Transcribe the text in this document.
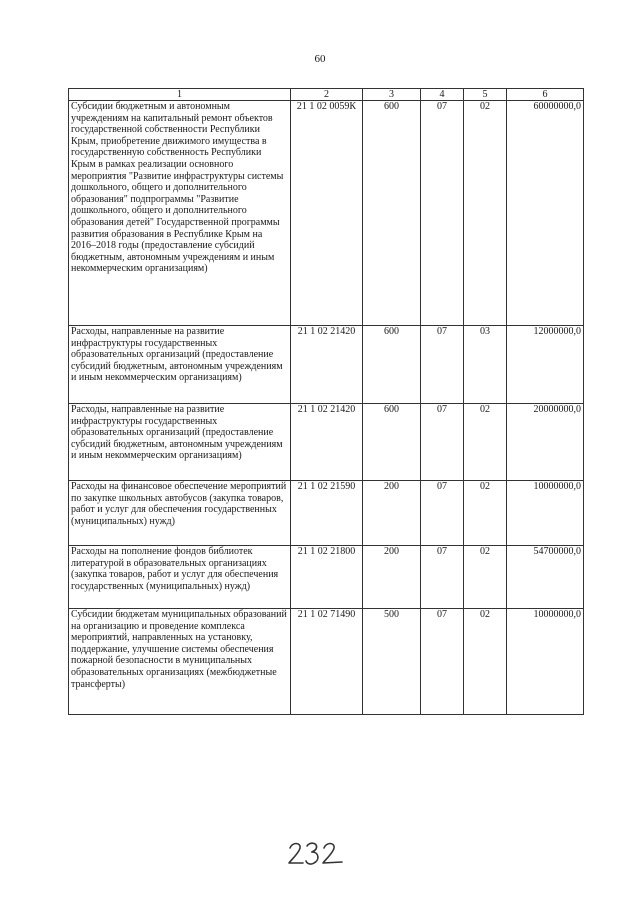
60
1	2	3	4	5	6
Субсидии бюджетным и автономным учреждениям на капитальный ремонт объектов государственной собственности Республики Крым, приобретение движимого имущества в государственную собственность Республики Крым в рамках реализации основного мероприятия "Развитие инфраструктуры системы дошкольного, общего и дополнительного образования" подпрограммы "Развитие дошкольного, общего и дополнительного образования детей" Государственной программы развития образования в Республике Крым на 2016–2018 годы (предоставление субсидий бюджетным, автономным учреждениям и иным некоммерческим организациям)	21 1 02 0059К	600	07	02	60000000,0
Расходы, направленные на развитие инфраструктуры государственных образовательных организаций (предоставление субсидий бюджетным, автономным учреждениям и иным некоммерческим организациям)	21 1 02 21420	600	07	03	12000000,0
Расходы, направленные на развитие инфраструктуры государственных образовательных организаций (предоставление субсидий бюджетным, автономным учреждениям и иным некоммерческим организациям)	21 1 02 21420	600	07	02	20000000,0
Расходы на финансовое обеспечение мероприятий по закупке школьных автобусов (закупка товаров, работ и услуг для обеспечения государственных (муниципальных) нужд)	21 1 02 21590	200	07	02	10000000,0
Расходы на пополнение фондов библиотек литературой в образовательных организациях (закупка товаров, работ и услуг для обеспечения государственных (муниципальных) нужд)	21 1 02 21800	200	07	02	54700000,0
Субсидии бюджетам муниципальных образований на организацию и проведение комплекса мероприятий, направленных на установку, поддержание, улучшение системы обеспечения пожарной безопасности в муниципальных образовательных организациях (межбюджетные трансферты)	21 1 02 71490	500	07	02	10000000,0
